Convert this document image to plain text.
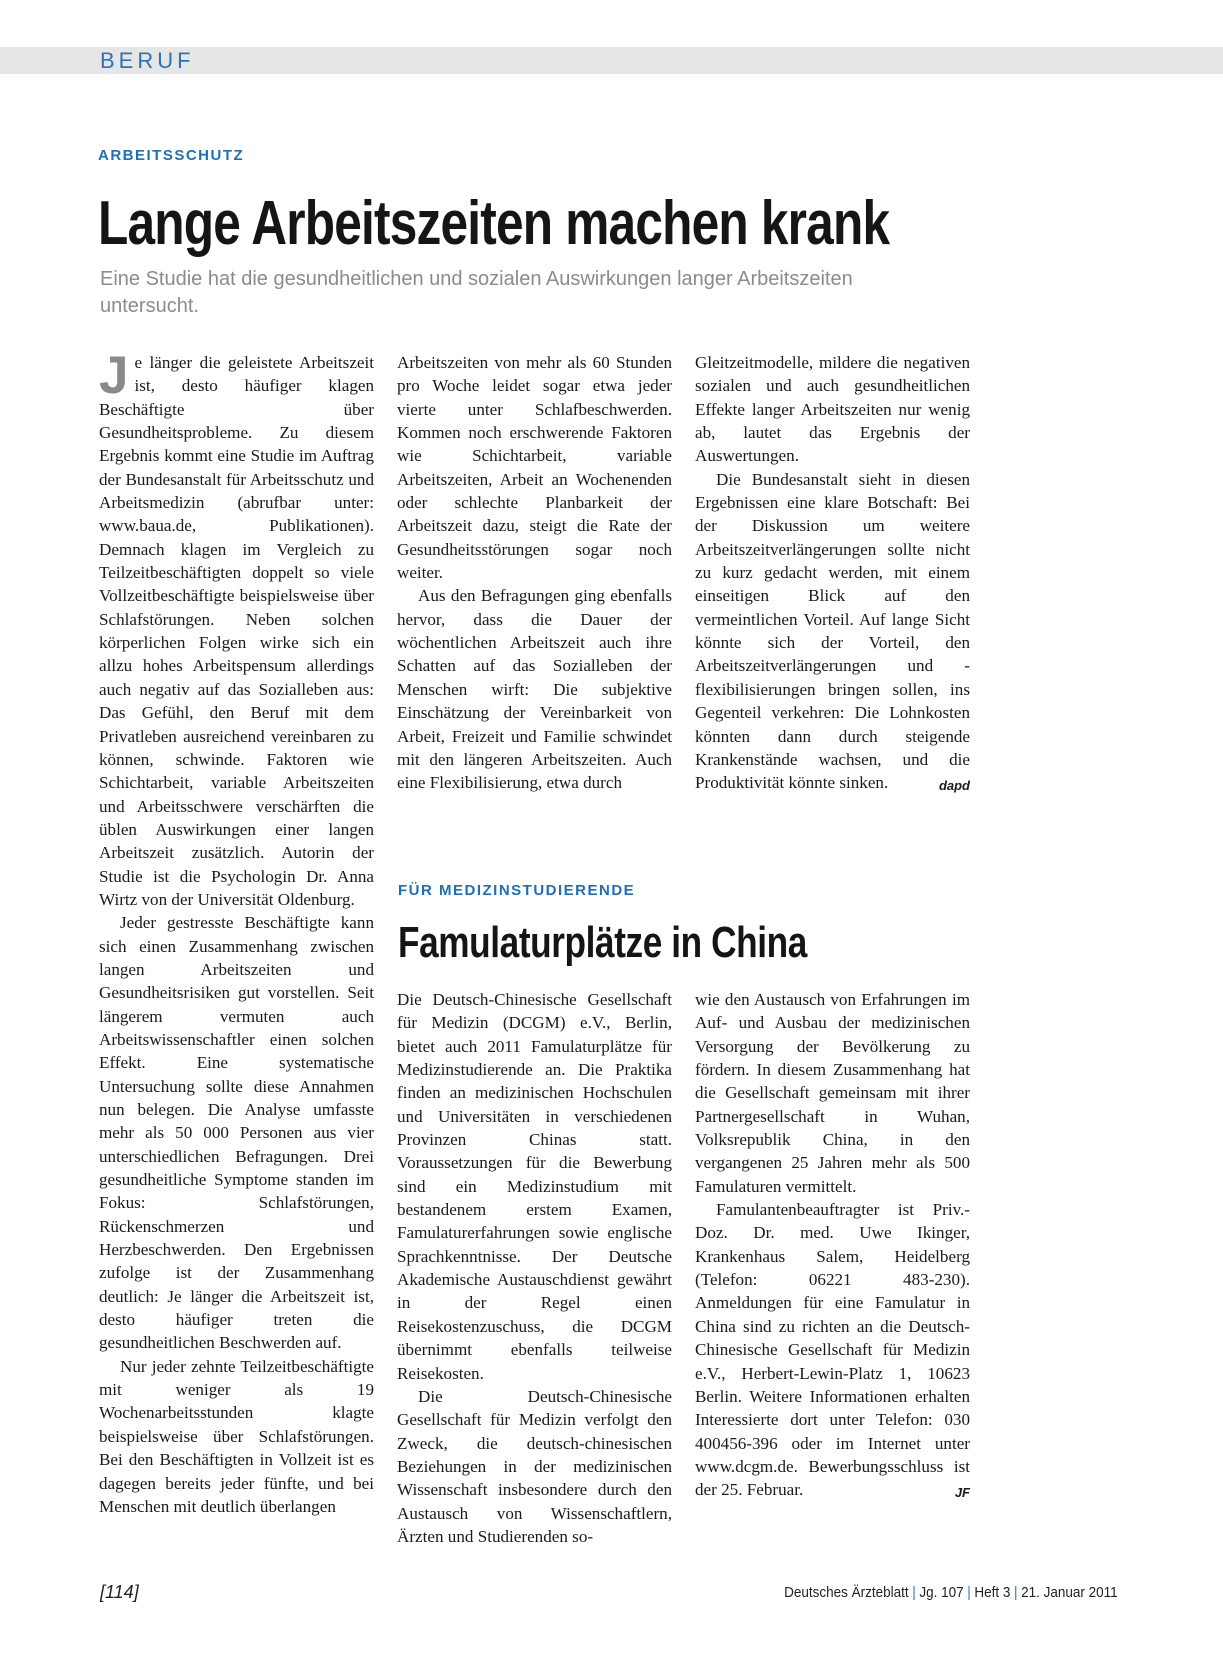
BERUF
ARBEITSSCHUTZ
Lange Arbeitszeiten machen krank
Eine Studie hat die gesundheitlichen und sozialen Auswirkungen langer Arbeitszeiten untersucht.

Je länger die geleistete Arbeitszeit ist, desto häufiger klagen Beschäftigte über Gesundheitsprobleme. Zu diesem Ergebnis kommt eine Studie im Auftrag der Bundesanstalt für Arbeitsschutz und Arbeitsmedizin (abrufbar unter: www.baua.de, Publikationen). Demnach klagen im Vergleich zu Teilzeitbeschäftigten doppelt so viele Vollzeitbeschäftigte beispielsweise über Schlafstörungen. Neben solchen körperlichen Folgen wirke sich ein allzu hohes Arbeitspensum allerdings auch negativ auf das Sozialleben aus: Das Gefühl, den Beruf mit dem Privatleben ausreichend vereinbaren zu können, schwinde. Faktoren wie Schichtarbeit, variable Arbeitszeiten und Arbeitsschwere verschärften die üblen Auswirkungen einer langen Arbeitszeit zusätzlich. Autorin der Studie ist die Psychologin Dr. Anna Wirtz von der Universität Oldenburg.

Jeder gestresste Beschäftigte kann sich einen Zusammenhang zwischen langen Arbeitszeiten und Gesundheitsrisiken gut vorstellen. Seit längerem vermuten auch Arbeitswissenschaftler einen solchen Effekt. Eine systematische Untersuchung sollte diese Annahmen nun belegen. Die Analyse umfasste mehr als 50 000 Personen aus vier unterschiedlichen Befragungen. Drei gesundheitliche Symptome standen im Fokus: Schlafstörungen, Rückenschmerzen und Herzbeschwerden. Den Ergebnissen zufolge ist der Zusammenhang deutlich: Je länger die Arbeitszeit ist, desto häufiger treten die gesundheitlichen Beschwerden auf.

Nur jeder zehnte Teilzeitbeschäftigte mit weniger als 19 Wochenarbeitsstunden klagte beispielsweise über Schlafstörungen. Bei den Beschäftigten in Vollzeit ist es dagegen bereits jeder fünfte, und bei Menschen mit deutlich überlangen

Arbeitszeiten von mehr als 60 Stunden pro Woche leidet sogar etwa jeder vierte unter Schlafbeschwerden. Kommen noch erschwerende Faktoren wie Schichtarbeit, variable Arbeitszeiten, Arbeit an Wochenenden oder schlechte Planbarkeit der Arbeitszeit dazu, steigt die Rate der Gesundheitsstörungen sogar noch weiter.

Aus den Befragungen ging ebenfalls hervor, dass die Dauer der wöchentlichen Arbeitszeit auch ihre Schatten auf das Sozialleben der Menschen wirft: Die subjektive Einschätzung der Vereinbarkeit von Arbeit, Freizeit und Familie schwindet mit den längeren Arbeitszeiten. Auch eine Flexibilisierung, etwa durch

Gleitzeitmodelle, mildere die negativen sozialen und auch gesundheitlichen Effekte langer Arbeitszeiten nur wenig ab, lautet das Ergebnis der Auswertungen.

Die Bundesanstalt sieht in diesen Ergebnissen eine klare Botschaft: Bei der Diskussion um weitere Arbeitszeitverlängerungen sollte nicht zu kurz gedacht werden, mit einem einseitigen Blick auf den vermeintlichen Vorteil. Auf lange Sicht könnte sich der Vorteil, den Arbeitszeitverlängerungen und -flexibilisierungen bringen sollen, ins Gegenteil verkehren: Die Lohnkosten könnten dann durch steigende Krankenstände wachsen, und die Produktivität könnte sinken.	dapd

FÜR MEDIZINSTUDIERENDE
Famulaturplätze in China

Die Deutsch-Chinesische Gesellschaft für Medizin (DCGM) e.V., Berlin, bietet auch 2011 Famulaturplätze für Medizinstudierende an. Die Praktika finden an medizinischen Hochschulen und Universitäten in verschiedenen Provinzen Chinas statt. Voraussetzungen für die Bewerbung sind ein Medizinstudium mit bestandenem erstem Examen, Famulaturerfahrungen sowie englische Sprachkenntnisse. Der Deutsche Akademische Austauschdienst gewährt in der Regel einen Reisekostenzuschuss, die DCGM übernimmt ebenfalls teilweise Reisekosten.

Die Deutsch-Chinesische Gesellschaft für Medizin verfolgt den Zweck, die deutsch-chinesischen Beziehungen in der medizinischen Wissenschaft insbesondere durch den Austausch von Wissenschaftlern, Ärzten und Studierenden so-

wie den Austausch von Erfahrungen im Auf- und Ausbau der medizinischen Versorgung der Bevölkerung zu fördern. In diesem Zusammenhang hat die Gesellschaft gemeinsam mit ihrer Partnergesellschaft in Wuhan, Volksrepublik China, in den vergangenen 25 Jahren mehr als 500 Famulaturen vermittelt.

Famulantenbeauftragter ist Priv.-Doz. Dr. med. Uwe Ikinger, Krankenhaus Salem, Heidelberg (Telefon: 06221 483-230). Anmeldungen für eine Famulatur in China sind zu richten an die Deutsch-Chinesische Gesellschaft für Medizin e.V., Herbert-Lewin-Platz 1, 10623 Berlin. Weitere Informationen erhalten Interessierte dort unter Telefon: 030 400456-396 oder im Internet unter www.dcgm.de. Bewerbungsschluss ist der 25. Februar.	JF

[114]	Deutsches Ärzteblatt | Jg. 107 | Heft 3 | 21. Januar 2011
